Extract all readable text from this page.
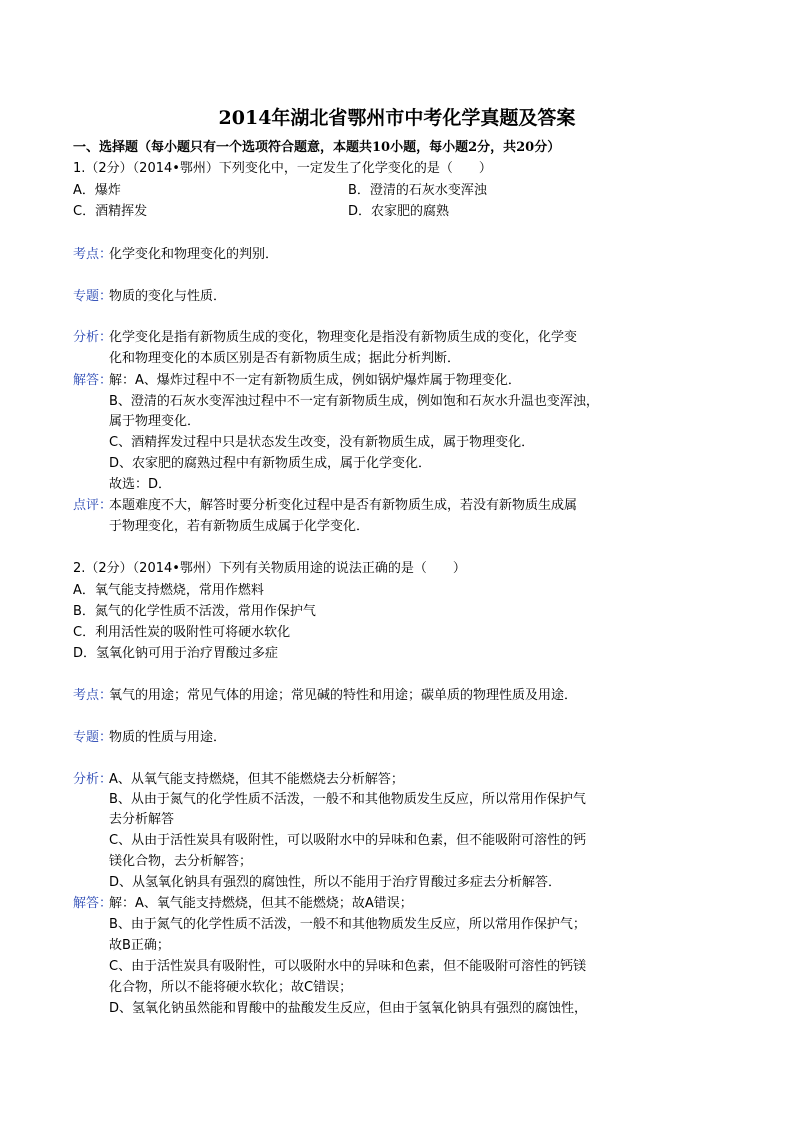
2014年湖北省鄂州市中考化学真题及答案
一、选择题（每小题只有一个选项符合题意，本题共10小题，每小题2分，共20分）
1.（2分）（2014•鄂州）下列变化中，一定发生了化学变化的是（　　）
A．爆炸	B．澄清的石灰水变浑浊
C．酒精挥发	D．农家肥的腐熟
考点：
化学变化和物理变化的判别．
专题：
物质的变化与性质．
分析：
化学变化是指有新物质生成的变化，物理变化是指没有新物质生成的变化，化学变
化和物理变化的本质区别是否有新物质生成；据此分析判断．
解答：
解：A、爆炸过程中不一定有新物质生成，例如锅炉爆炸属于物理变化．
B、澄清的石灰水变浑浊过程中不一定有新物质生成，例如饱和石灰水升温也变浑浊，
属于物理变化．
C、酒精挥发过程中只是状态发生改变，没有新物质生成，属于物理变化．
D、农家肥的腐熟过程中有新物质生成，属于化学变化．
故选：D．
点评：
本题难度不大，解答时要分析变化过程中是否有新物质生成，若没有新物质生成属
于物理变化，若有新物质生成属于化学变化．
2.（2分）（2014•鄂州）下列有关物质用途的说法正确的是（　　）
A．氧气能支持燃烧，常用作燃料
B．氮气的化学性质不活泼，常用作保护气
C．利用活性炭的吸附性可将硬水软化
D．氢氧化钠可用于治疗胃酸过多症
考点：
氧气的用途；常见气体的用途；常见碱的特性和用途；碳单质的物理性质及用途．
专题：
物质的性质与用途．
分析：
A、从氧气能支持燃烧，但其不能燃烧去分析解答；
B、从由于氮气的化学性质不活泼，一般不和其他物质发生反应，所以常用作保护气
去分析解答
C、从由于活性炭具有吸附性，可以吸附水中的异味和色素，但不能吸附可溶性的钙
镁化合物，去分析解答；
D、从氢氧化钠具有强烈的腐蚀性，所以不能用于治疗胃酸过多症去分析解答．
解答：
解：A、氧气能支持燃烧，但其不能燃烧；故A错误；
B、由于氮气的化学性质不活泼，一般不和其他物质发生反应，所以常用作保护气；
故B正确；
C、由于活性炭具有吸附性，可以吸附水中的异味和色素，但不能吸附可溶性的钙镁
化合物，所以不能将硬水软化；故C错误；
D、氢氧化钠虽然能和胃酸中的盐酸发生反应，但由于氢氧化钠具有强烈的腐蚀性，
